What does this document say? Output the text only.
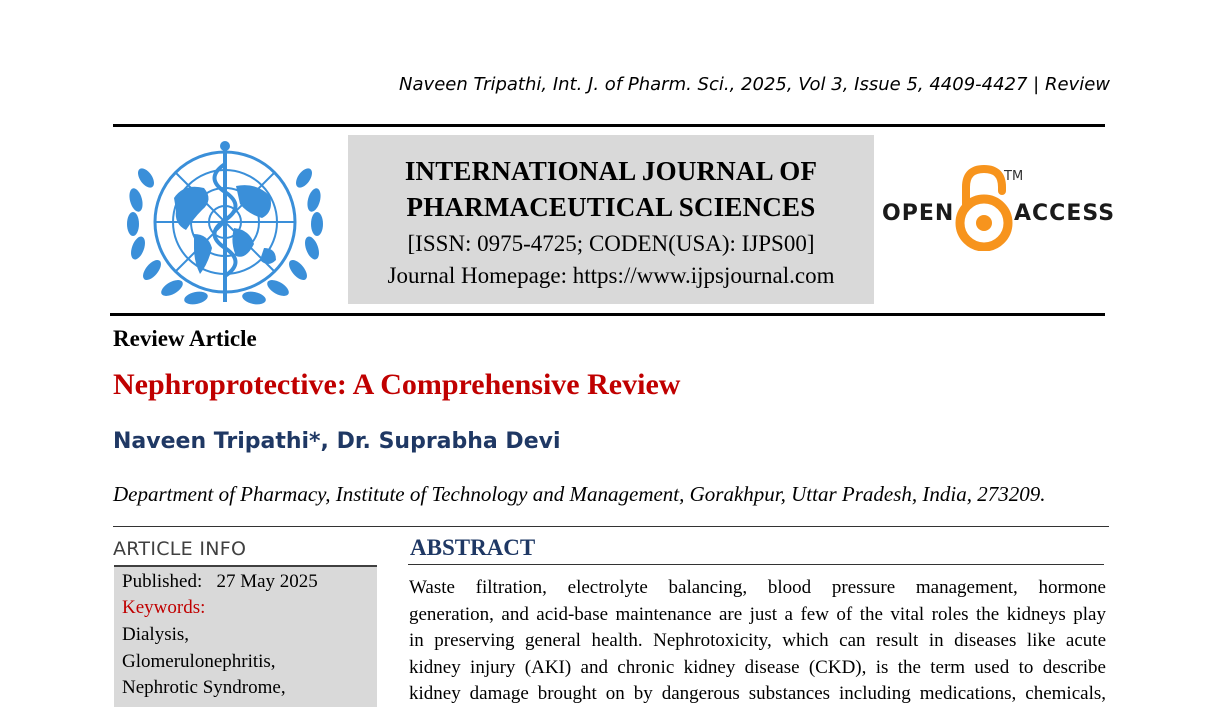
Naveen Tripathi, Int. J. of Pharm. Sci., 2025, Vol 3, Issue 5, 4409-4427 | Review
INTERNATIONAL JOURNAL OF
PHARMACEUTICAL SCIENCES
[ISSN: 0975-4725; CODEN(USA): IJPS00]
Journal Homepage: https://www.ijpsjournal.com
OPEN
TM
ACCESS
Review Article
Nephroprotective: A Comprehensive Review
Naveen Tripathi*, Dr. Suprabha Devi
Department of Pharmacy, Institute of Technology and Management, Gorakhpur, Uttar Pradesh, India, 273209.
ARTICLE INFO
Published: 27 May 2025
Keywords:
Dialysis,
Glomerulonephritis,
Nephrotic Syndrome,
ABSTRACT
Waste filtration, electrolyte balancing, blood pressure management, hormone
generation, and acid-base maintenance are just a few of the vital roles the kidneys play
in preserving general health. Nephrotoxicity, which can result in diseases like acute
kidney injury (AKI) and chronic kidney disease (CKD), is the term used to describe
kidney damage brought on by dangerous substances including medications, chemicals,
